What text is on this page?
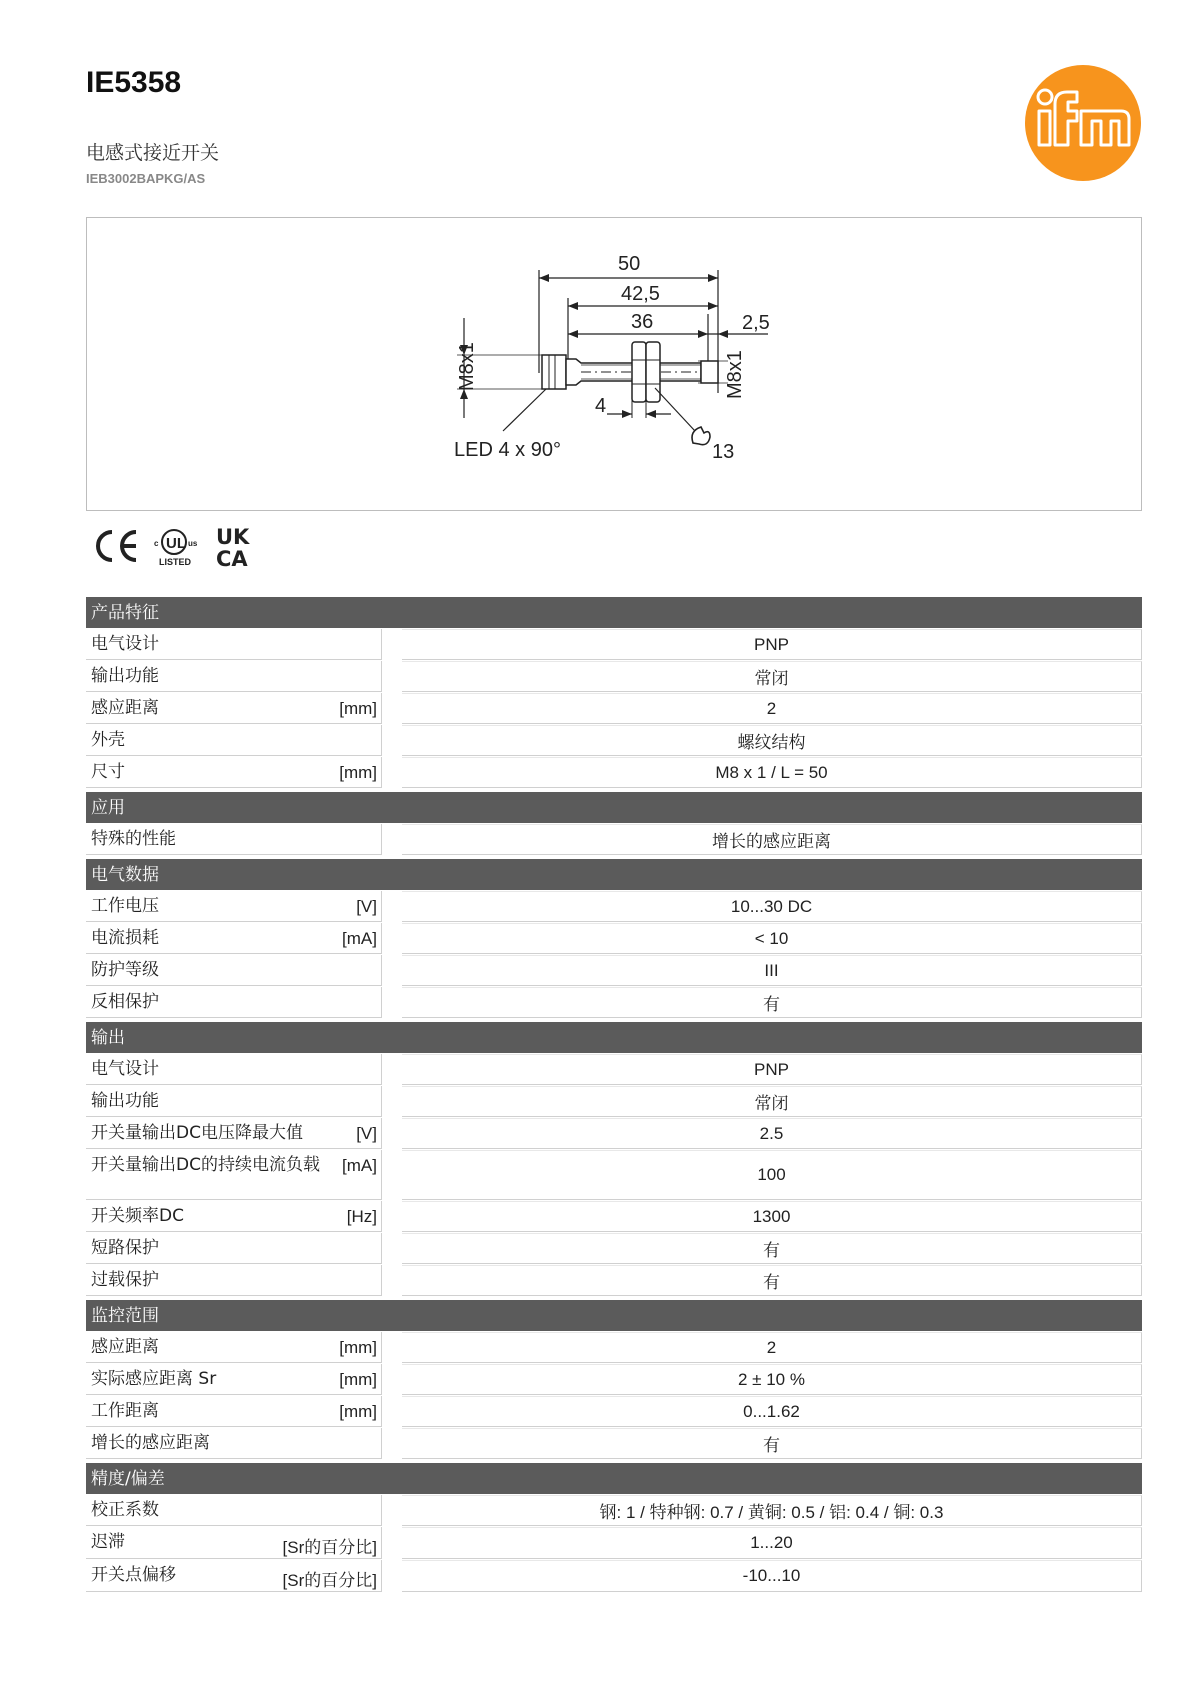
IE5358
电感式接近开关
IEB3002BAPKG/AS
50
42,5
36	2,5
M8x1	M8x1
4
LED 4 x 90°	13
UL
c	us
LISTED
UK
CA
产品特征
电气设计	PNP
输出功能	常闭
感应距离	[mm]	2
外壳	螺纹结构
尺寸	[mm]	M8 x 1 / L = 50
应用
特殊的性能	增长的感应距离
电气数据
工作电压	[V]	10...30 DC
电流损耗	[mA]	< 10
防护等级	III
反相保护	有
输出
电气设计	PNP
输出功能	常闭
开关量输出DC电压降最大值	[V]	2.5
开关量输出DC的持续电流负载	[mA]	100
开关频率DC	[Hz]	1300
短路保护	有
过载保护	有
监控范围
感应距离	[mm]	2
实际感应距离 Sr	[mm]	2 ± 10 %
工作距离	[mm]	0...1.62
增长的感应距离	有
精度/偏差
校正系数	钢: 1 / 特种钢: 0.7 / 黄铜: 0.5 / 铝: 0.4 / 铜: 0.3
迟滞	[Sr的百分比]	1...20
开关点偏移	[Sr的百分比]	-10...10
